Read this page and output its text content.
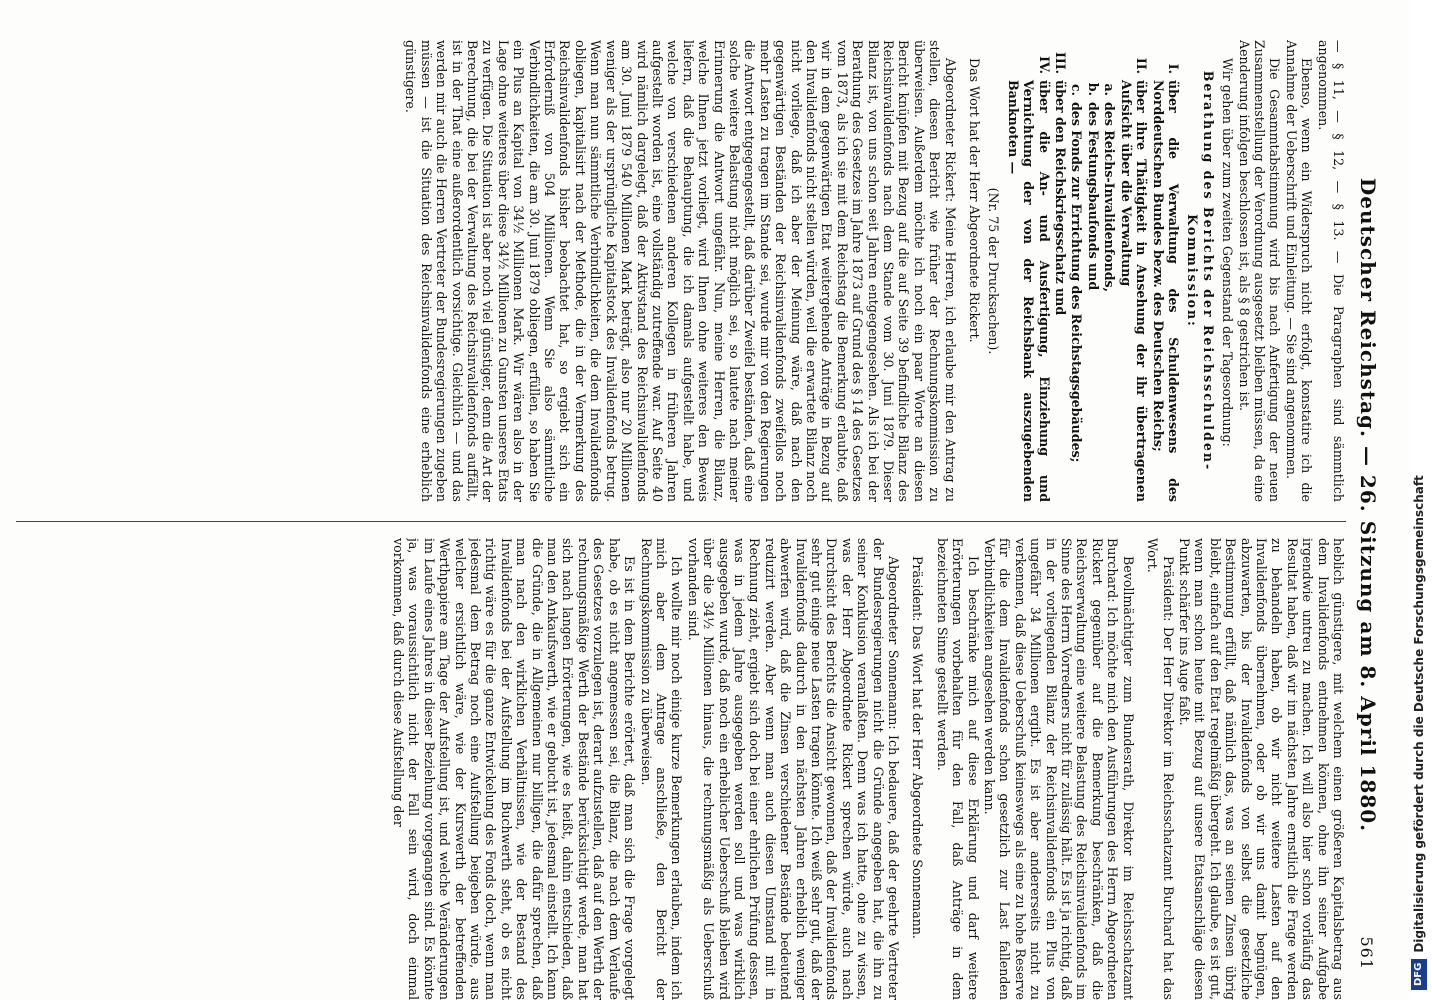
561
Deutscher Reichstag. — 26. Sitzung am 8. April 1880.

— § 11, — § 12, — § 13. — Die Paragraphen sind sämmtlich angenommen.

Ebenso, wenn ein Widerspruch nicht erfolgt, konstatire ich die Annahme der Ueberschrift und Einleitung. — Sie sind angenommen.

Die Gesammtabstimmung wird bis nach Anfertigung der neuen Zusammenstellung der Verordnung ausgesetzt bleiben müssen, da eine Aenderung infolgen beschlossen ist, als § 8 gestrichen ist.

Wir gehen über zum zweiten Gegenstand der Tagesordnung:

Berathung des Berichts der Reichsschulden-Kommission:

I.
über die Verwaltung des Schuldenwesens des Norddeutschen Bundes bezw. des Deutschen Reichs;
II.
über ihre Thätigkeit in Ansehung der ihr übertragenen Aufsicht über die Verwaltung
a.
des Reichs-Invalidenfonds,
b.
des Festungsbaufonds und
c.
des Fonds zur Errichtung des Reichstagsgebäudes;
III.
über den Reichskriegsschatz und
IV.
über die An- und Ausfertigung, Einziehung und Vernichtung der von der Reichsbank auszugebenden Banknoten —

(Nr. 75 der Drucksachen).

Das Wort hat der Herr Abgeordnete Rickert.

Abgeordneter Rickert: Meine Herren, ich erlaube mir den Antrag zu stellen, diesen Bericht wie früher der Rechnungskommission zu überweisen. Außerdem möchte ich noch ein paar Worte an diesen Bericht knüpfen mit Bezug auf die auf Seite 39 befindliche Bilanz des Reichsinvalidenfonds nach dem Stande vom 30. Juni 1879. Dieser Bilanz ist, von uns schon seit Jahren entgegengesehen. Als ich bei der Berathung des Gesetzes im Jahre 1873 auf Grund des § 14 des Gesetzes vom 1873, als ich sie mit dem Reichstag die Bemerkung erlaubte, daß wir in dem gegenwärtigen Etat weitergehende Anträge in Bezug auf den Invalidenfonds nicht stellen würden, weil die erwartete Bilanz noch nicht vorliege, daß ich aber der Meinung wäre, daß nach den gegenwärtigen Beständen der Reichsinvalidenfonds zweifellos noch mehr Lasten zu tragen im Stande sei, wurde mir von den Regierungen die Antwort entgegengestellt, daß darüber Zweifel beständen, daß eine solche weitere Belastung nicht möglich sei, so lautete nach meiner Erinnerung die Antwort ungefähr. Nun, meine Herren, die Bilanz, welche Ihnen jetzt vorliegt, wird Ihnen ohne weiteres den Beweis liefern, daß die Behauptung, die ich damals aufgestellt habe, und welche von verschiedenen anderen Kollegen in früheren Jahren aufgestellt worden ist, eine vollständig zutreffende war. Auf Seite 40 wird nämlich dargelegt, daß der Aktivstand des Reichsinvalidenfonds am 30. Juni 1879 540 Millionen Mark beträgt, also nur 20 Millionen weniger als der ursprüngliche Kapitalstock des Invalidenfonds betrug. Wenn man nun sämmtliche Verbindlichkeiten, die dem Invalidenfonds obliegen, kapitalisirt nach der Methode, die in der Vermerkung des Reichsinvalidenfonds bisher beobachtet hat, so ergiebt sich ein Erforderniß von 504 Millionen. Wenn Sie also sämmtliche Verbindlichkeiten, die am 30. Juni 1879 obliegen, erfüllen, so haben Sie ein Plus an Kapital von 34½ Millionen Mark. Wir wären also in der Lage ohne weiteres über diese 34½ Millionen zu Gunsten unseres Etats zu verfügen. Die Situation ist aber noch viel günstiger, denn die Art der Berechnung, die bei der Verwaltung des Reichsinvalidenfonds auffällt, ist in der That eine außerordentlich vorsichtige. Gleichlich — und das werden mir auch die Herren Vertreter der Bundesregierungen zugeben müssen — ist die Situation des Reichsinvalidenfonds eine erheblich günstigere.

heblich günstigere, mit welchem einen größeren Kapitalsbetrag aus dem Invalidenfonds entnehmen können, ohne ihn seiner Aufgabe irgendwie untreu zu machen. Ich will also hier schon vorläufig das Resultat haben, daß wir im nächsten Jahre ernstlich die Frage werden zu behandeln haben, ob wir nicht weitere Lasten auf den Invalidenfonds übernehmen, oder ob wir uns damit begnügen, abzuwarten, bis der Invalidenfonds von selbst die gesetzliche Bestimmung erfüllt, daß nämlich das, was an seinen Zinsen übrig bleibt, einfach auf den Etat regelmäßig übergeht. Ich glaube, es ist gut, wenn man schon heute mit Bezug auf unsere Etatsanschläge diesen Punkt schärfer ins Auge faßt.

Präsident: Der Herr Direktor im Reichsschatzamt Burchard hat das Wort.

Bevollmächtigter zum Bundesrath, Direktor im Reichsschatzamt Burchard: Ich möchte mich den Ausführungen des Herrn Abgeordneten Rickert gegenüber auf die Bemerkung beschränken, daß die Reichsverwaltung eine weitere Belastung des Reichsinvalidenfonds im Sinne des Herrn Vorredners nicht für zulässig hält. Es ist ja richtig, daß in der vorliegenden Bilanz der Reichsinvalidenfonds ein Plus von ungefähr 34 Millionen ergibt. Es ist aber andererseits nicht zu verkennen, daß diese Ueberschuß keineswegs als eine zu hohe Reserve für die dem Invalidenfonds schon gesetzlich zur Last fallenden Verbindlichkeiten angesehen werden kann.

Ich beschränke mich auf diese Erklärung und darf weitere Erörterungen vorbehalten für den Fall, daß Anträge in dem bezeichneten Sinne gestellt werden.

Präsident: Das Wort hat der Herr Abgeordnete Sonnemann.

Abgeordneter Sonnemann: Ich bedauere, daß der geehrte Vertreter der Bundesregierungen nicht die Gründe angegeben hat, die ihn zu seiner Konklusion veranlaßten. Denn was ich hatte, ohne zu wissen, was der Herr Abgeordnete Rickert sprechen würde, auch nach Durchsicht des Berichts die Ansicht gewonnen, daß der Invalidenfonds sehr gut einige neue Lasten tragen könnte. Ich weiß sehr gut, daß der Invalidenfonds dadurch in den nächsten Jahren erheblich weniger abwerfen wird, daß die Zinsen verschiedener Bestände bedeutend reduzirt werden. Aber wenn man auch diesen Umstand mit in Rechnung zieht, ergiebt sich doch bei einer ehrlichen Prüfung dessen, was in jedem Jahre ausgegeben werden soll und was wirklich ausgegeben wurde, daß noch ein erheblicher Ueberschuß bleiben wird über die 34½ Millionen hinaus, die rechnungsmäßig als Ueberschuß vorhanden sind.

Ich wollte mir noch einige kurze Bemerkungen erlauben, indem ich mich aber dem Antrage anschließe, den Bericht der Rechnungskommission zu überweisen.

Es ist in dem Berichte erörtert, daß man sich die Frage vorgelegt habe, ob es nicht angemessen sei, die Bilanz, die nach dem Verlaufe des Gesetzes vorzulegen ist, derart aufzustellen, daß auf den Werth der rechnungsmäßige Werth der Bestände berücksichtigt werde, man hat sich nach langen Erörterungen, wie es heißt, dahin entschieden, daß man den Ankaufswerth, wie er gebucht ist, jedesmal einstellt. Ich kann die Gründe, die in Allgemeinen nur billigen, die dafür sprechen, daß man nach den wirklichen Verhältnissen, wie der Bestand des Invalidenfonds bei der Aufstellung im Buchwerth steht, ob es nicht richtig wäre es für die ganze Entwickelung des Fonds doch, wenn man jedesmal dem Betrag noch eine Aufstellung beigeben würde, aus welcher ersichtlich wäre, wie der Kurswerth der betreffenden Werthpapiere am Tage der Aufstellung ist, und welche Veränderungen im Laufe eines Jahres in dieser Beziehung vorgegangen sind. Es könnte ja, was voraussichtlich nicht der Fall sein wird, doch einmal vorkommen, daß durch diese Aufstellung der

DFG
Digitalisierung gefördert durch die Deutsche Forschungsgemeinschaft
